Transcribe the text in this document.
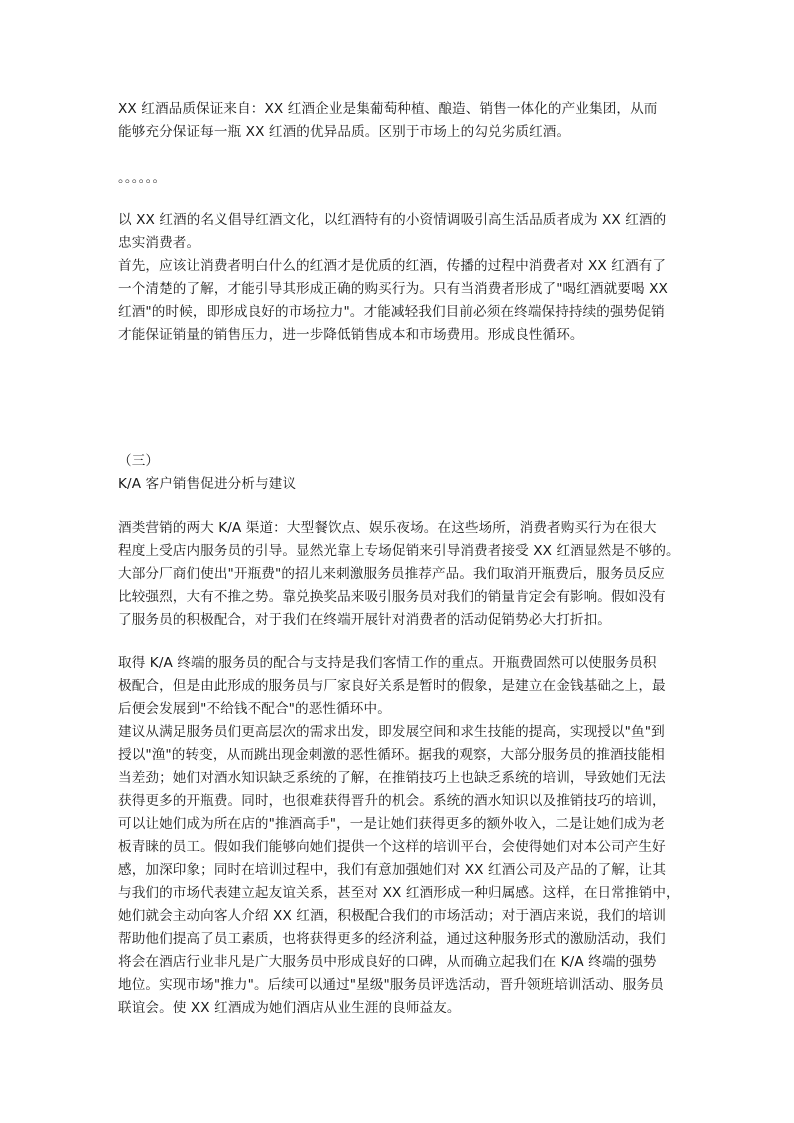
XX 红酒品质保证来自：XX 红酒企业是集葡萄种植、酿造、销售一体化的产业集团，从而
能够充分保证每一瓶 XX 红酒的优异品质。区别于市场上的勾兑劣质红酒。
。。。。。。
以 XX 红酒的名义倡导红酒文化，以红酒特有的小资情调吸引高生活品质者成为 XX 红酒的
忠实消费者。
首先，应该让消费者明白什么的红酒才是优质的红酒，传播的过程中消费者对 XX 红酒有了
一个清楚的了解，才能引导其形成正确的购买行为。只有当消费者形成了"喝红酒就要喝 XX
红酒"的时候，即形成良好的市场拉力"。才能减轻我们目前必须在终端保持持续的强势促销
才能保证销量的销售压力，进一步降低销售成本和市场费用。形成良性循环。
（三）
K/A 客户销售促进分析与建议
酒类营销的两大 K/A 渠道：大型餐饮点、娱乐夜场。在这些场所，消费者购买行为在很大
程度上受店内服务员的引导。显然光靠上专场促销来引导消费者接受 XX 红酒显然是不够的。
大部分厂商们使出"开瓶费"的招儿来刺激服务员推荐产品。我们取消开瓶费后，服务员反应
比较强烈，大有不推之势。靠兑换奖品来吸引服务员对我们的销量肯定会有影响。假如没有
了服务员的积极配合，对于我们在终端开展针对消费者的活动促销势必大打折扣。
取得 K/A 终端的服务员的配合与支持是我们客情工作的重点。开瓶费固然可以使服务员积
极配合，但是由此形成的服务员与厂家良好关系是暂时的假象，是建立在金钱基础之上，最
后便会发展到"不给钱不配合"的恶性循环中。
建议从满足服务员们更高层次的需求出发，即发展空间和求生技能的提高，实现授以"鱼"到
授以"渔"的转变，从而跳出现金刺激的恶性循环。据我的观察，大部分服务员的推酒技能相
当差劲；她们对酒水知识缺乏系统的了解，在推销技巧上也缺乏系统的培训，导致她们无法
获得更多的开瓶费。同时，也很难获得晋升的机会。系统的酒水知识以及推销技巧的培训，
可以让她们成为所在店的"推酒高手"，一是让她们获得更多的额外收入，二是让她们成为老
板青睐的员工。假如我们能够向她们提供一个这样的培训平台，会使得她们对本公司产生好
感，加深印象；同时在培训过程中，我们有意加强她们对 XX 红酒公司及产品的了解，让其
与我们的市场代表建立起友谊关系，甚至对 XX 红酒形成一种归属感。这样，在日常推销中，
她们就会主动向客人介绍 XX 红酒，积极配合我们的市场活动；对于酒店来说，我们的培训
帮助他们提高了员工素质，也将获得更多的经济利益，通过这种服务形式的激励活动，我们
将会在酒店行业非凡是广大服务员中形成良好的口碑，从而确立起我们在 K/A 终端的强势
地位。实现市场"推力"。后续可以通过"星级"服务员评选活动，晋升领班培训活动、服务员
联谊会。使 XX 红酒成为她们酒店从业生涯的良师益友。
